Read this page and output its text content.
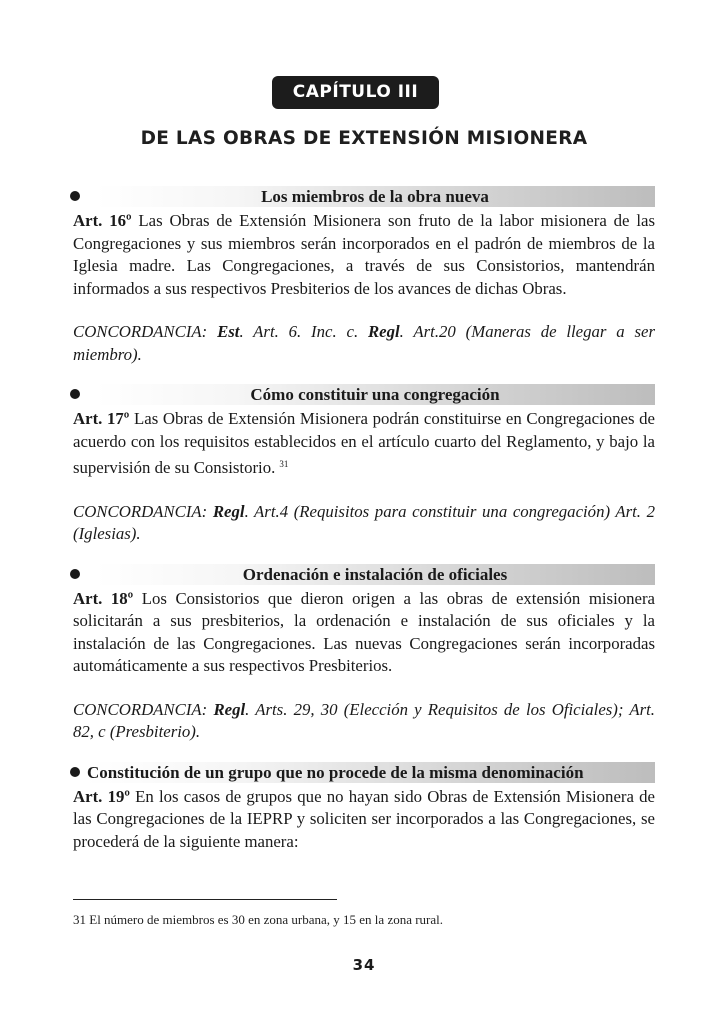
CAPÍTULO III
DE LAS OBRAS DE EXTENSIÓN MISIONERA
Los miembros de la obra nueva

Art. 16º Las Obras de Extensión Misionera son fruto de la labor misionera de las Congregaciones y sus miembros serán incorporados en el padrón de miembros de la Iglesia madre. Las Congregaciones, a través de sus Consistorios, mantendrán informados a sus respectivos Presbiterios de los avances de dichas Obras.

CONCORDANCIA: Est. Art. 6. Inc. c. Regl. Art.20 (Maneras de llegar a ser miembro).

Cómo constituir una congregación

Art. 17º Las Obras de Extensión Misionera podrán constituirse en Congregaciones de acuerdo con los requisitos establecidos en el artículo cuarto del Reglamento, y bajo la supervisión de su Consistorio. $^{31}$

CONCORDANCIA: Regl. Art.4 (Requisitos para constituir una congregación) Art. 2 (Iglesias).

Ordenación e instalación de oficiales

Art. 18º Los Consistorios que dieron origen a las obras de extensión misionera solicitarán a sus presbiterios, la ordenación e instalación de sus oficiales y la instalación de las Congregaciones. Las nuevas Congregaciones serán incorporadas automáticamente a sus respectivos Presbiterios.

CONCORDANCIA: Regl. Arts. 29, 30 (Elección y Requisitos de los Oficiales); Art. 82, c (Presbiterio).

Constitución de un grupo que no procede de la misma denominación

Art. 19º En los casos de grupos que no hayan sido Obras de Extensión Misionera de las Congregaciones de la IEPRP y soliciten ser incorporados a las Congregaciones, se procederá de la siguiente manera:

31 El número de miembros es 30 en zona urbana, y 15 en la zona rural.
34
